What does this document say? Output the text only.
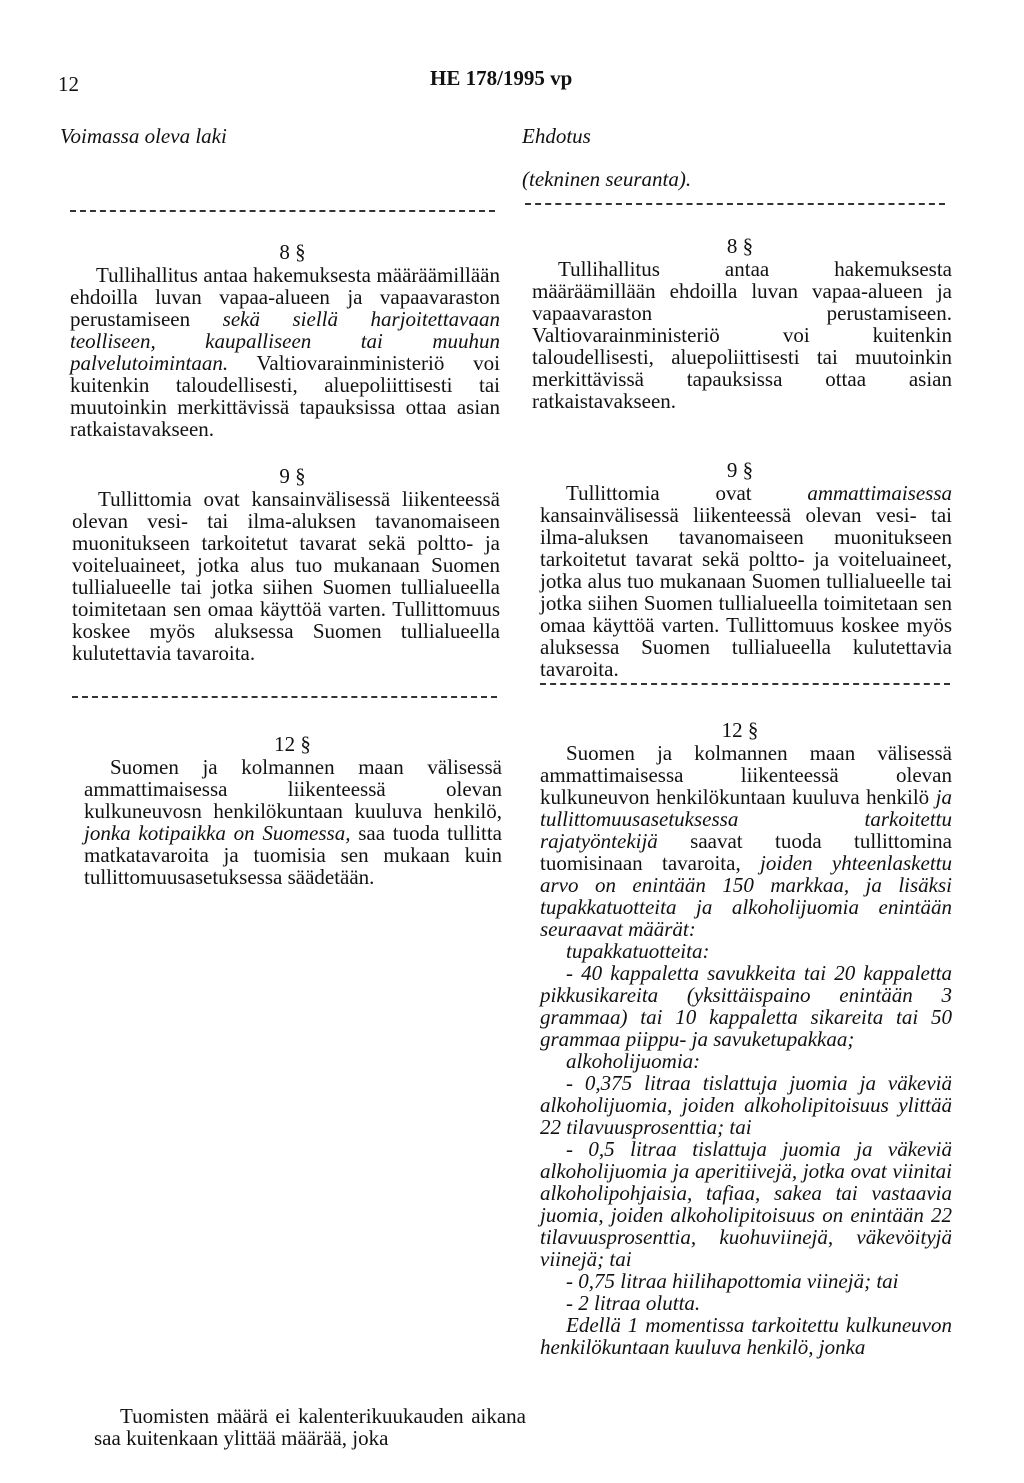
12	HE 178/1995 vp
Voimassa oleva laki	Ehdotus
(tekninen seuranta).
8 §

Tullihallitus antaa hakemuksesta määräämillään ehdoilla luvan vapaa-alueen ja vapaavaraston perustamiseen sekä siellä harjoitettavaan teolliseen, kaupalliseen tai muuhun palvelutoimintaan. Valtiovarainministeriö voi kuitenkin taloudellisesti, aluepoliittisesti tai muutoinkin merkittävissä tapauksissa ottaa asian ratkaistavakseen.

9 §

Tullittomia ovat kansainvälisessä liikenteessä olevan vesi- tai ilma-aluksen tavanomaiseen muonitukseen tarkoitetut tavarat sekä poltto- ja voiteluaineet, jotka alus tuo mukanaan Suomen tullialueelle tai jotka siihen Suomen tullialueella toimitetaan sen omaa käyttöä varten. Tullittomuus koskee myös aluksessa Suomen tullialueella kulutettavia tavaroita.

12 §

Suomen ja kolmannen maan välisessä ammattimaisessa liikenteessä olevan kulkuneuvosn henkilökuntaan kuuluva henkilö, jonka kotipaikka on Suomessa, saa tuoda tullitta matkatavaroita ja tuomisia sen mukaan kuin tullittomuusasetuksessa säädetään.

Tuomisten määrä ei kalenterikuukauden aikana saa kuitenkaan ylittää määrää, joka

8 §

Tullihallitus antaa hakemuksesta määräämillään ehdoilla luvan vapaa-alueen ja vapaavaraston perustamiseen. Valtiovarainministeriö voi kuitenkin taloudellisesti, aluepoliittisesti tai muutoinkin merkittävissä tapauksissa ottaa asian ratkaistavakseen.

9 §

Tullittomia ovat	ammattimaisessa kansainvälisessä liikenteessä olevan vesi- tai ilma-aluksen tavanomaiseen muonitukseen tarkoitetut tavarat sekä poltto- ja voiteluaineet, jotka alus tuo mukanaan Suomen tullialueelle tai jotka siihen Suomen tullialueella toimitetaan sen omaa käyttöä varten. Tullittomuus koskee myös aluksessa Suomen tullialueella kulutettavia tavaroita.

12 §

Suomen ja kolmannen maan välisessä ammattimaisessa liikenteessä olevan kulkuneuvon henkilökuntaan kuuluva henkilö ja tullittomuusasetuksessa tarkoitettu rajatyöntekijä saavat tuoda tullittomina tuomisinaan tavaroita, joiden yhteenlaskettu arvo on enintään 150 markkaa, ja lisäksi tupakkatuotteita ja alkoholijuomia enintään seuraavat määrät:

tupakkatuotteita:

- 40 kappaletta savukkeita tai 20 kappaletta pikkusikareita (yksittäispaino enintään 3 grammaa) tai 10 kappaletta sikareita tai 50 grammaa piippu- ja savuketupakkaa;

alkoholijuomia:

- 0,375 litraa tislattuja juomia ja väkeviä alkoholijuomia, joiden alkoholipitoisuus ylittää 22 tilavuusprosenttia; tai

- 0,5 litraa tislattuja juomia ja väkeviä alkoholijuomia ja aperitiivejä, jotka ovat viinitai alkoholipohjaisia, tafiaa, sakea tai vastaavia juomia, joiden alkoholipitoisuus on enintään 22 tilavuusprosenttia, kuohuviinejä, väkevöityjä viinejä; tai

- 0,75 litraa hiilihapottomia viinejä; tai

- 2 litraa olutta.

Edellä 1 momentissa tarkoitettu kulkuneuvon henkilökuntaan kuuluva henkilö, jonka
